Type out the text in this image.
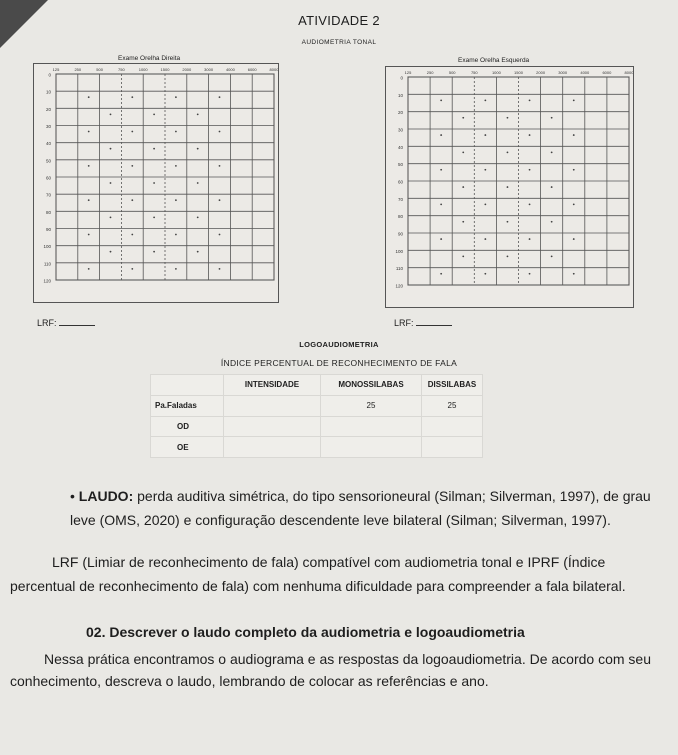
ATIVIDADE 2
AUDIOMETRIA TONAL
Exame Orelha Direita
0
10
20
30
40
50
60
70
80
90
100
110
120
125	250	500	750	1000	1500	2000	3000	4000	6000	8000
LRF:
Exame Orelha Esquerda
0
10
20
30
40
50
60
70
80
90
100
110
120
125	250	500	750	1000	1500	2000	3000	4000	6000	8000
LRF:
LOGOAUDIOMETRIA
ÍNDICE PERCENTUAL DE RECONHECIMENTO DE FALA
	INTENSIDADE	MONOSSILABAS	DISSILABAS
Pa.Faladas		25	25
OD			
OE			
• LAUDO: perda auditiva simétrica, do tipo sensorioneural (Silman; Silverman, 1997), de grau leve (OMS, 2020) e configuração descendente leve bilateral (Silman; Silverman, 1997).
LRF (Limiar de reconhecimento de fala) compatível com audiometria tonal e IPRF (Índice percentual de reconhecimento de fala) com nenhuma dificuldade para compreender a fala bilateral.
02. Descrever o laudo completo da audiometria e logoaudiometria
Nessa prática encontramos o audiograma e as respostas da logoaudiometria. De acordo com seu conhecimento, descreva o laudo, lembrando de colocar as referências e ano.
